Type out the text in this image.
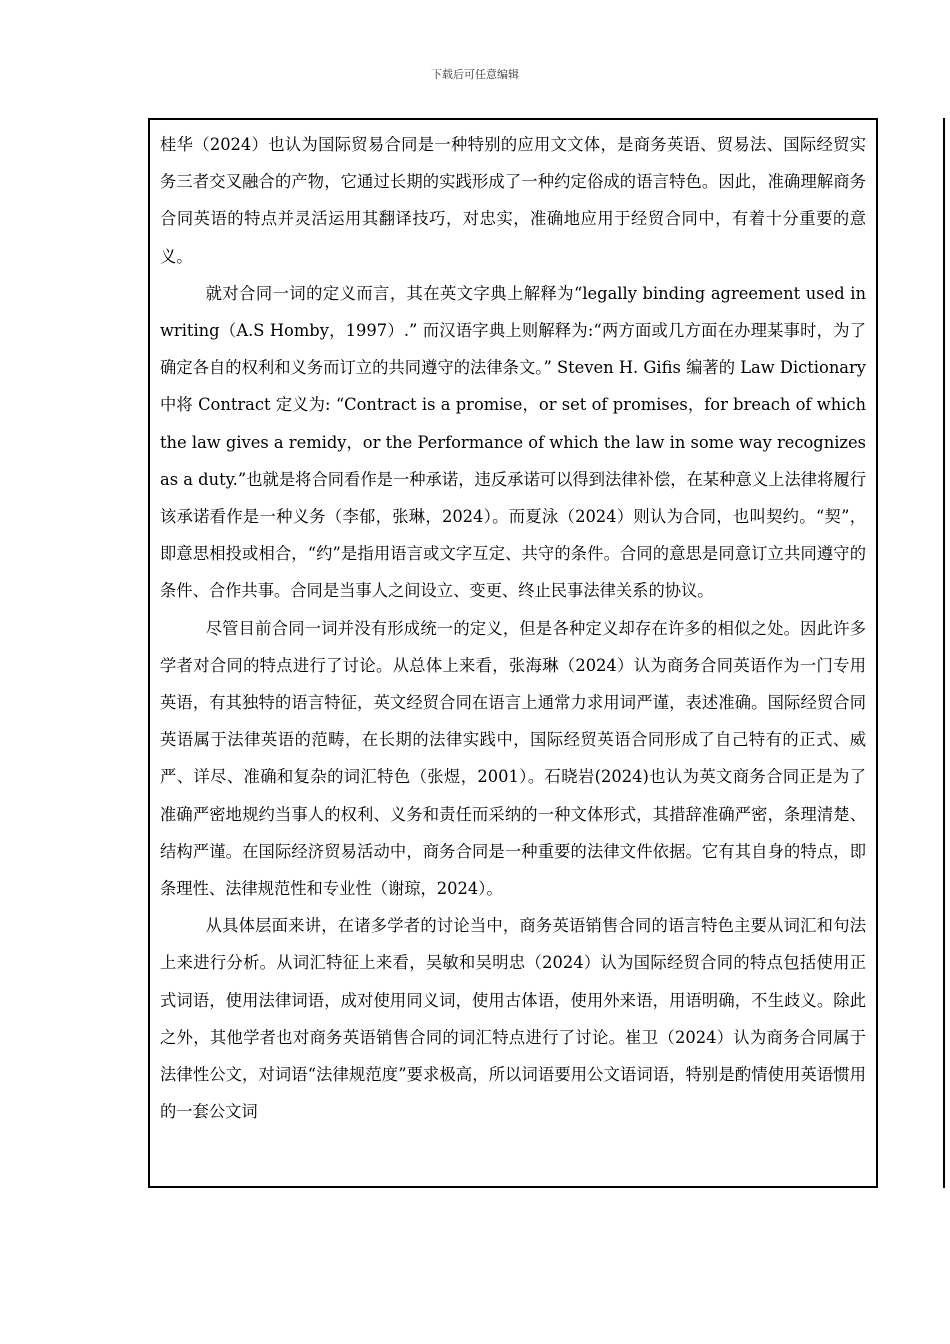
下载后可任意编辑

桂华（2024）也认为国际贸易合同是一种特别的应用文文体，是商务英语、贸易法、国际经贸实务三者交叉融合的产物，它通过长期的实践形成了一种约定俗成的语言特色。因此，准确理解商务合同英语的特点并灵活运用其翻译技巧，对忠实，准确地应用于经贸合同中，有着十分重要的意义。

就对合同一词的定义而言，其在英文字典上解释为“legally binding agreement used in writing（A.S Homby，1997）.” 而汉语字典上则解释为:“两方面或几方面在办理某事时，为了确定各自的权利和义务而订立的共同遵守的法律条文。” Steven H. Gifis 编著的 Law Dictionary 中将 Contract 定义为: “Contract is a promise，or set of promises，for breach of which the law gives a remidy，or the Performance of which the law in some way recognizes as a duty.”也就是将合同看作是一种承诺，违反承诺可以得到法律补偿，在某种意义上法律将履行该承诺看作是一种义务（李郁，张琳，2024）。而夏泳（2024）则认为合同，也叫契约。“契”，即意思相投或相合，“约”是指用语言或文字互定、共守的条件。合同的意思是同意订立共同遵守的条件、合作共事。合同是当事人之间设立、变更、终止民事法律关系的协议。

尽管目前合同一词并没有形成统一的定义，但是各种定义却存在许多的相似之处。因此许多学者对合同的特点进行了讨论。从总体上来看，张海琳（2024）认为商务合同英语作为一门专用英语，有其独特的语言特征，英文经贸合同在语言上通常力求用词严谨，表述准确。国际经贸合同英语属于法律英语的范畴，在长期的法律实践中，国际经贸英语合同形成了自己特有的正式、威严、详尽、准确和复杂的词汇特色（张煜，2001）。石晓岩(2024)也认为英文商务合同正是为了准确严密地规约当事人的权利、义务和责任而采纳的一种文体形式，其措辞准确严密，条理清楚、结构严谨。在国际经济贸易活动中，商务合同是一种重要的法律文件依据。它有其自身的特点，即条理性、法律规范性和专业性（谢琼，2024）。

从具体层面来讲，在诸多学者的讨论当中，商务英语销售合同的语言特色主要从词汇和句法上来进行分析。从词汇特征上来看，吴敏和吴明忠（2024）认为国际经贸合同的特点包括使用正式词语，使用法律词语，成对使用同义词，使用古体语，使用外来语，用语明确，不生歧义。除此之外，其他学者也对商务英语销售合同的词汇特点进行了讨论。崔卫（2024）认为商务合同属于法律性公文，对词语“法律规范度”要求极高，所以词语要用公文语词语，特别是酌情使用英语惯用的一套公文词
